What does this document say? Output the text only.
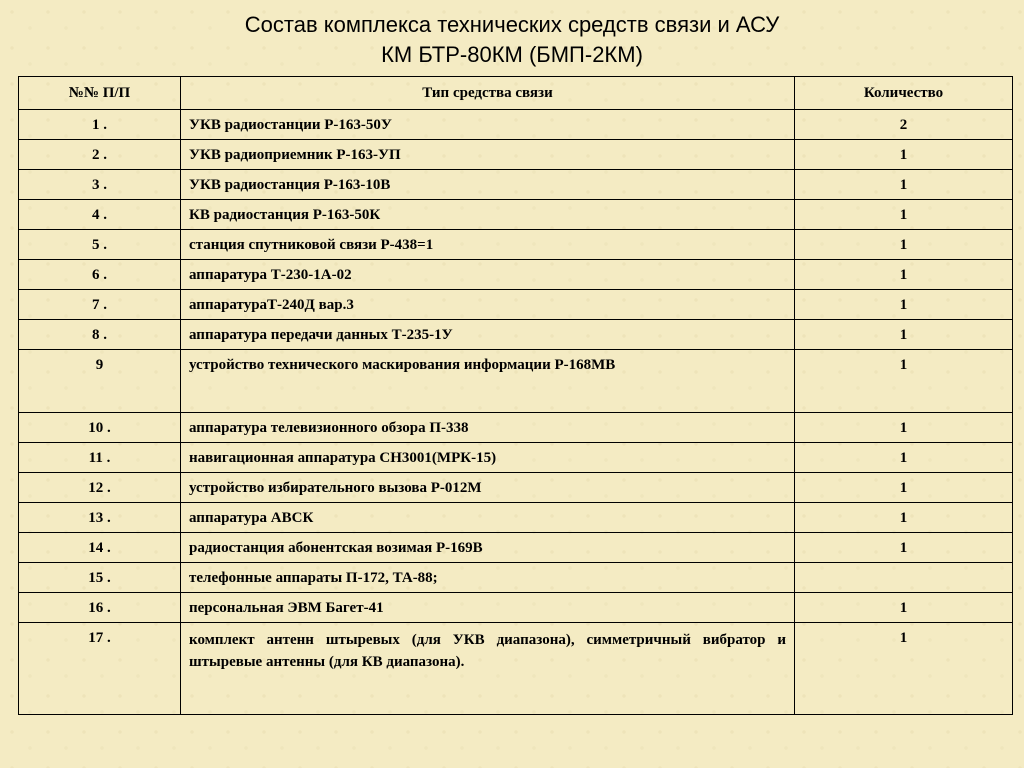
Состав комплекса технических средств связи и АСУ
КМ БТР-80КМ (БМП-2КМ)
№№ П/П	Тип средства связи	Количество
1 .	УКВ радиостанции Р-163-50У	2
2 .	УКВ радиоприемник Р-163-УП	1
3 .	УКВ радиостанция Р-163-10В	1
4 .	КВ радиостанция Р-163-50К	1
5 .	станция спутниковой связи Р-438=1	1
6 .	аппаратура Т-230-1А-02	1
7 .	аппаратураТ-240Д вар.3	1
8 .	аппаратура передачи данных Т-235-1У	1
9	устройство технического маскирования информации Р-168МВ	1
10 .	аппаратура телевизионного обзора П-338	1
11 .	навигационная аппаратура СН3001(МРК-15)	1
12 .	устройство избирательного вызова Р-012М	1
13 .	аппаратура АВСК	1
14 .	радиостанция абонентская возимая Р-169В	1
15 .	телефонные аппараты П-172, ТА-88;	
16 .	персональная ЭВМ Багет-41	1
17 .	комплект антенн штыревых (для УКВ диапазона), симметричный вибратор и штыревые антенны (для КВ диапазона).	1
